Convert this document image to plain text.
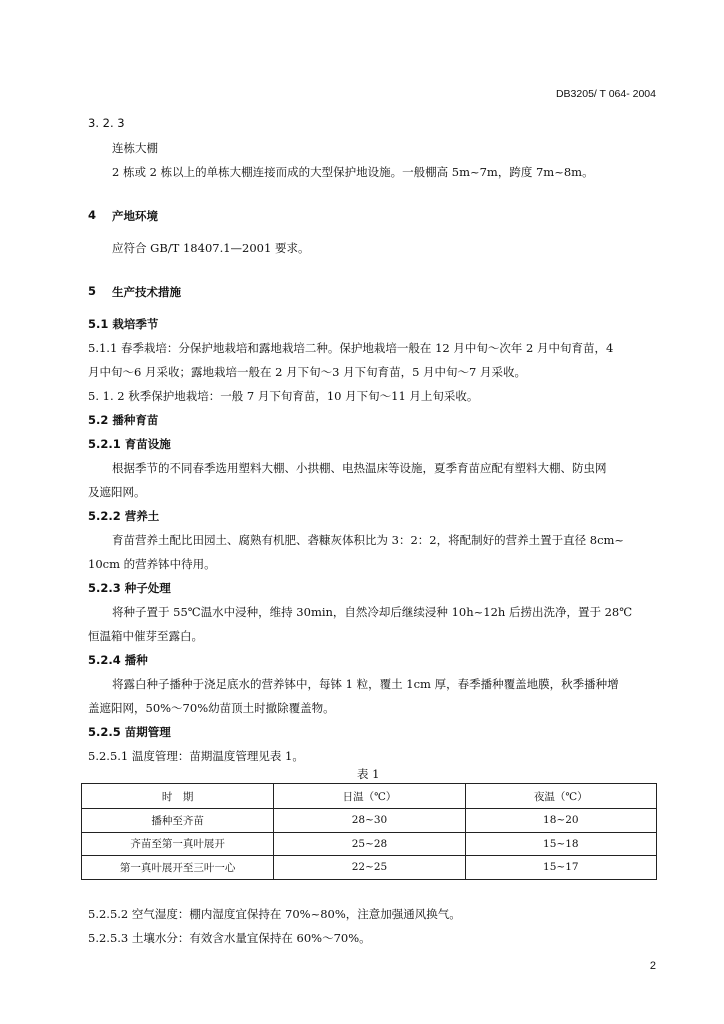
DB3205/ T 064- 2004
3. 2. 3
连栋大棚
2 栋或 2 栋以上的单栋大棚连接而成的大型保护地设施。一般棚高 5m~7m，跨度 7m~8m。
4 产地环境
应符合 GB/T 18407.1—2001 要求。
5 生产技术措施
5.1 栽培季节
5.1.1 春季栽培：分保护地栽培和露地栽培二种。保护地栽培一般在 12 月中旬～次年 2 月中旬育苗，4
月中旬～6 月采收；露地栽培一般在 2 月下旬～3 月下旬育苗，5 月中旬～7 月采收。
5. 1. 2 秋季保护地栽培：一般 7 月下旬育苗，10 月下旬～11 月上旬采收。
5.2 播种育苗
5.2.1 育苗设施
根据季节的不同春季选用塑料大棚、小拱棚、电热温床等设施，夏季育苗应配有塑料大棚、防虫网
及遮阳网。
5.2.2 营养土
育苗营养土配比田园土、腐熟有机肥、砻糠灰体积比为 3：2：2，将配制好的营养土置于直径 8cm~
10cm 的营养钵中待用。
5.2.3 种子处理
将种子置于 55℃温水中浸种，维持 30min，自然冷却后继续浸种 10h~12h 后捞出洗净，置于 28℃
恒温箱中催芽至露白。
5.2.4 播种
将露白种子播种于浇足底水的营养钵中，每钵 1 粒，覆土 1cm 厚，春季播种覆盖地膜，秋季播种增
盖遮阳网，50%～70%幼苗顶土时撤除覆盖物。
5.2.5 苗期管理
5.2.5.1 温度管理：苗期温度管理见表 1。
表 1
时　期	日温（℃）	夜温（℃）
播种至齐苗	28~30	18~20
齐苗至第一真叶展开	25~28	15~18
第一真叶展开至三叶一心	22~25	15~17
5.2.5.2 空气湿度：棚内湿度宜保持在 70%~80%，注意加强通风换气。
5.2.5.3 土壤水分：有效含水量宜保持在 60%～70%。
2
